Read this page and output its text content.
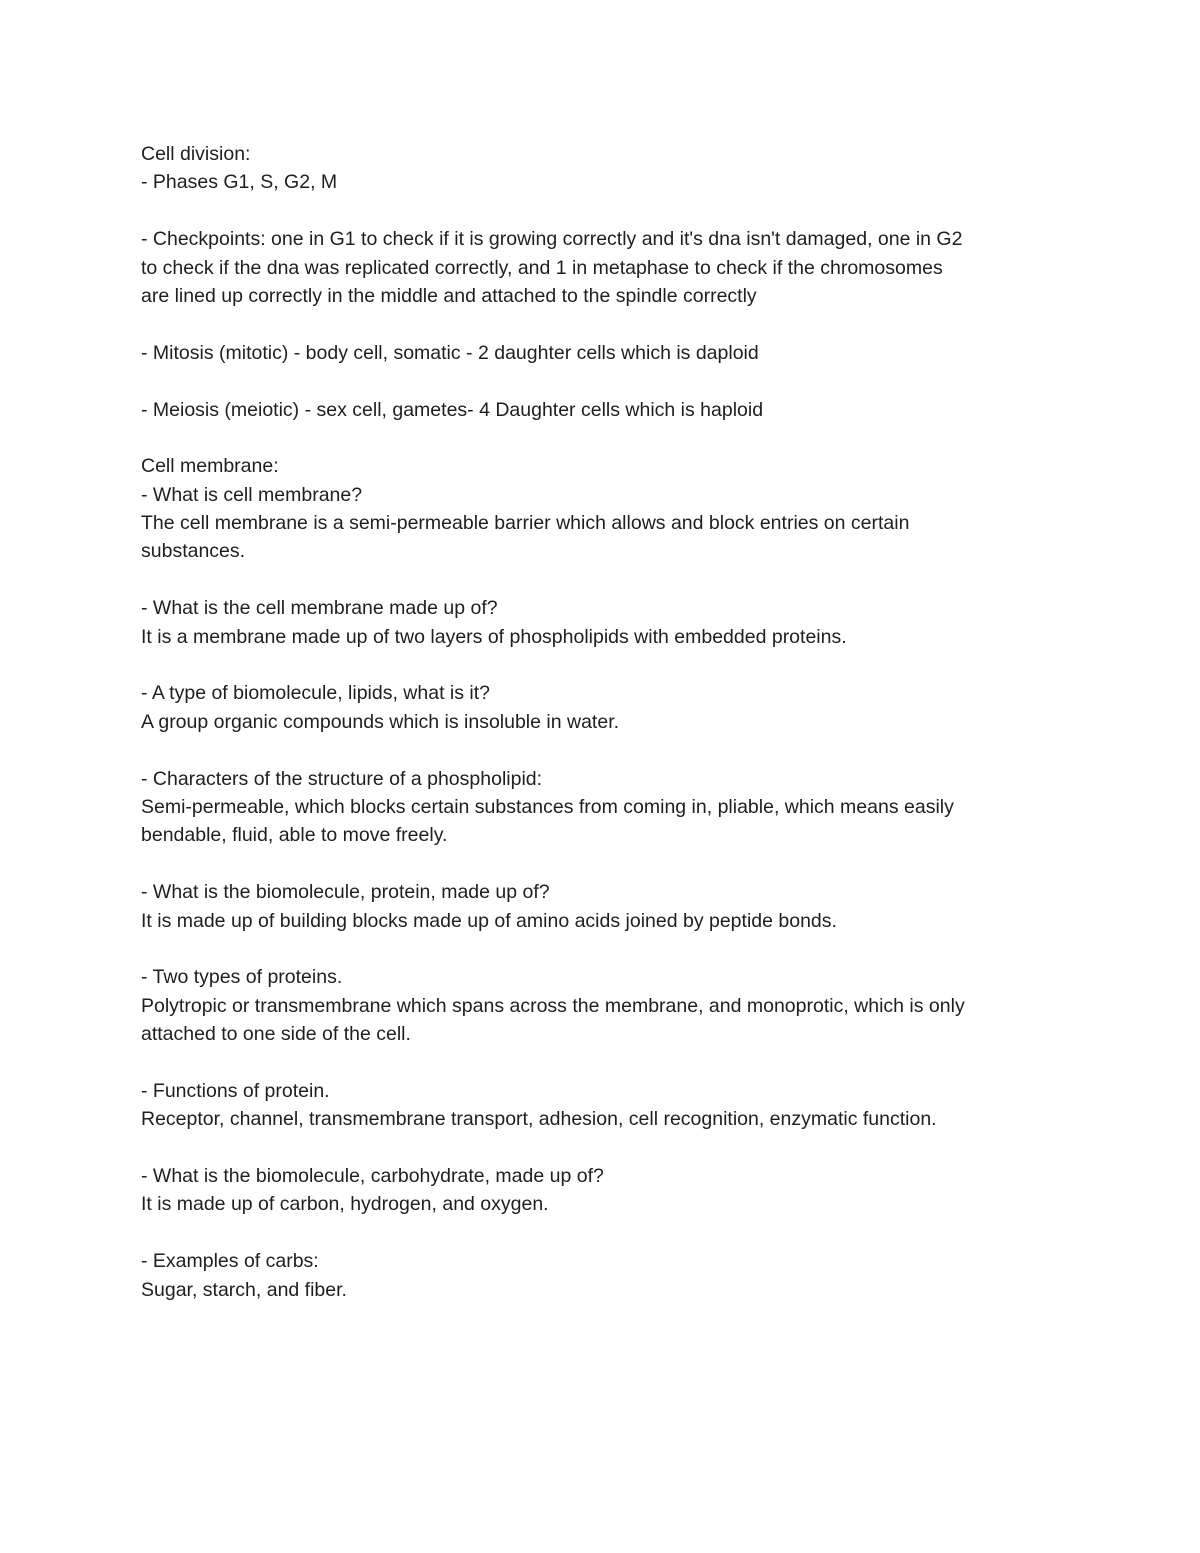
Cell division:
- Phases G1, S, G2, M
- Checkpoints: one in G1 to check if it is growing correctly and it's dna isn't damaged, one in G2
to check if the dna was replicated correctly, and 1 in metaphase to check if the chromosomes
are lined up correctly in the middle and attached to the spindle correctly
- Mitosis (mitotic) - body cell, somatic - 2 daughter cells which is daploid
- Meiosis (meiotic) - sex cell, gametes- 4 Daughter cells which is haploid
Cell membrane:
- What is cell membrane?
The cell membrane is a semi-permeable barrier which allows and block entries on certain
substances.
- What is the cell membrane made up of?
It is a membrane made up of two layers of phospholipids with embedded proteins.
- A type of biomolecule, lipids, what is it?
A group organic compounds which is insoluble in water.
- Characters of the structure of a phospholipid:
Semi-permeable, which blocks certain substances from coming in, pliable, which means easily
bendable, fluid, able to move freely.
- What is the biomolecule, protein, made up of?
It is made up of building blocks made up of amino acids joined by peptide bonds.
- Two types of proteins.
Polytropic or transmembrane which spans across the membrane, and monoprotic, which is only
attached to one side of the cell.
- Functions of protein.
Receptor, channel, transmembrane transport, adhesion, cell recognition, enzymatic function.
- What is the biomolecule, carbohydrate, made up of?
It is made up of carbon, hydrogen, and oxygen.
- Examples of carbs:
Sugar, starch, and fiber.
